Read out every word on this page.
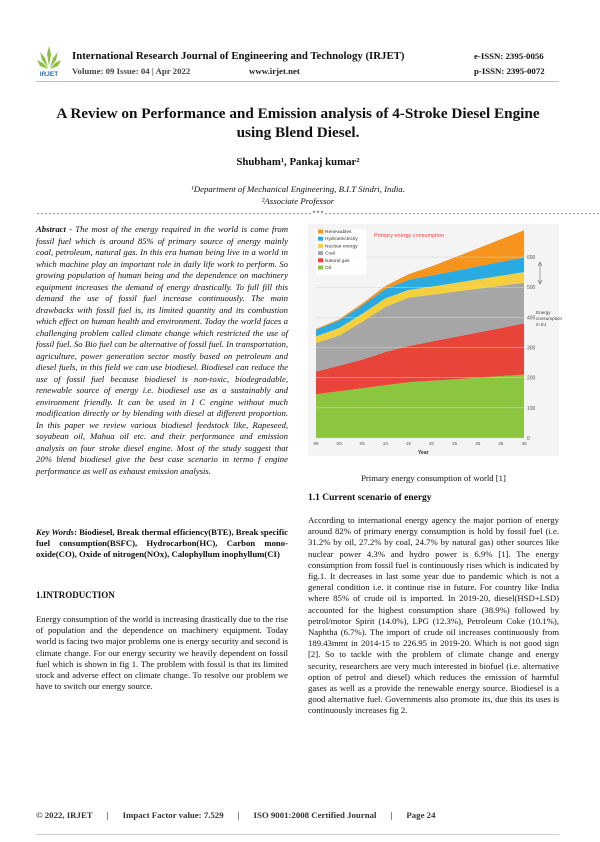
IRJET
International Research Journal of Engineering and Technology (IRJET)
Volume: 09 Issue: 04 | Apr 2022	www.irjet.net
e-ISSN: 2395-0056
p-ISSN: 2395-0072
A Review on Performance and Emission analysis of 4-Stroke Diesel Engine using Blend Diesel.
Shubham¹, Pankaj kumar²
¹Department of Mechanical Engineering, B.I.T Sindri, India.
²Associate Professor
---------------------------------------------------------------------***---------------------------------------------------------------------
Abstract - The most of the energy required in the world is come from fossil fuel which is around 85% of primary source of energy mainly coal, petroleum, natural gas. In this era human being live in a world in which machine play an important role in daily life work to perform. So growing population of human being and the dependence on machinery equipment increases the demand of energy drastically. To full fill this demand the use of fossil fuel increase continuously. The main drawbacks with fossil fuel is, its limited quantity and its combustion which effect on human health and environment. Today the world faces a challenging problem called climate change which restricted the use of fossil fuel. So Bio fuel can be alternative of fossil fuel. In transportation, agriculture, power generation sector mostly based on petroleum and diesel fuels, in this field we can use biodiesel. Biodiesel can reduce the use of fossil fuel because biodiesel is non-toxic, biodegradable, renewable source of energy i.e. biodiesel use as a sustainably and environment friendly. It can be used in I C engine without much modification directly or by blending with diesel at different proportion. In this paper we review various biodiesel feedstock like, Rapeseed, soyabean oil, Mahua oil etc. and their performance and emission analysis on four stroke diesel engine. Most of the study suggest that 20% blend biodiesel give the best case scenario in termo f engine performance as well as exhaust emission analysis.
Key Words: Biodiesel, Break thermal efficiency(BTE), Break specific fuel consumption(BSFC), Hydrocarbon(HC), Carbon mono-oxide(CO), Oxide of nitrogen(NOx), Calophyllum inophyllum(CI)
1.INTRODUCTION
Energy consumption of the world is increasing drastically due to the rise of population and the dependence on machinery equipment. Today world is facing two major problems one is energy security and second is climate change. For our energy security we heavily dependent on fossil fuel which is shown in fig 1. The problem with fossil is that its limited stock and adverse effect on climate change. To resolve our problem we have to switch our energy source.
0
100
200
300
400
500
600
95	00	05	10	15	20	25	30	35	40
Renewables
Hydroelectricity
Nuclear energy
Coal
Natural gas
Oil
Primary energy consumption
Energy consumption in EJ
Year
Primary energy consumption of world [1]
1.1 Current scenario of energy
According to international energy agency the major portion of energy around 82% of primary energy consumption is hold by fossil fuel (i.e. 31.2% by oil, 27.2% by coal, 24.7% by natural gas) other sources like nuclear power 4.3% and hydro power is 6.9% [1]. The energy consumption from fossil fuel is continuously rises which is indicated by fig.1. It decreases in last some year due to pandemic which is not a general condition i.e. it continue rise in future. For country like India where 85% of crude oil is imported. In 2019-20, diesel(HSD+LSD) accounted for the highest consumption share (38.9%) followed by petrol/motor Spirit (14.0%), LPG (12.3%), Petroleum Coke (10.1%), Naphtha (6.7%). The import of crude oil increases continuously from 189.43mmt in 2014-15 to 226.95 in 2019-20. Which is not good sign [2]. So to tackle with the problem of climate change and energy security, researchers are very much interested in biofuel (i.e. alternative option of petrol and diesel) which reduces the emission of harmful gases as well as a provide the renewable energy source. Biodiesel is a good alternative fuel. Governments also promote its, due this its uses is continuously increases fig 2.
© 2022, IRJET | Impact Factor value: 7.529 | ISO 9001:2008 Certified Journal | Page 24
